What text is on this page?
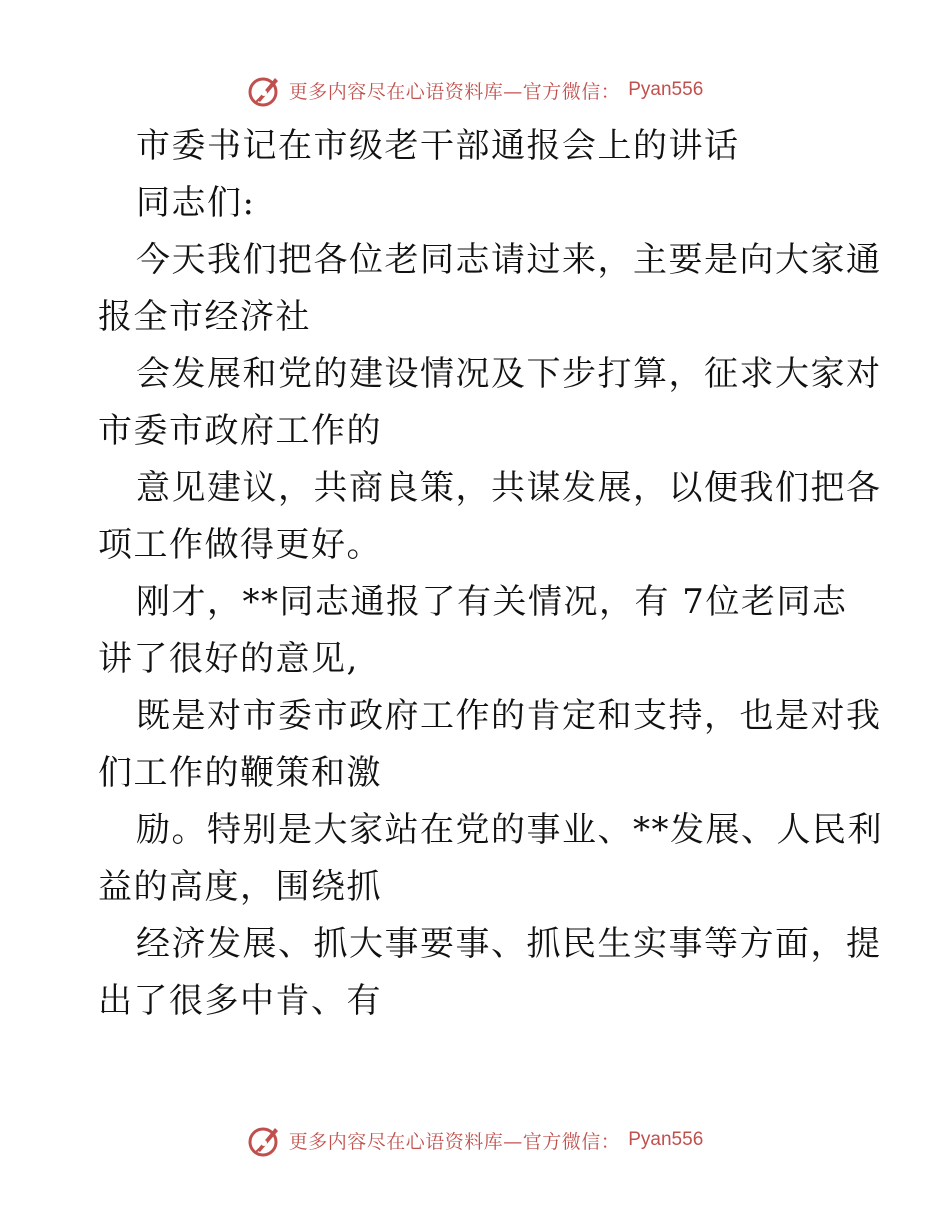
更多内容尽在心语资料库—官方微信： Pyan556
市委书记在市级老干部通报会上的讲话
同志们:
今天我们把各位老同志请过来，主要是向大家通
报全市经济社
会发展和党的建设情况及下步打算，征求大家对
市委市政府工作的
意见建议，共商良策，共谋发展，以便我们把各
项工作做得更好。
刚才，**同志通报了有关情况，有 7位老同志
讲了很好的意见,
既是对市委市政府工作的肯定和支持，也是对我
们工作的鞭策和激
励。特别是大家站在党的事业、**发展、人民利
益的高度，围绕抓
经济发展、抓大事要事、抓民生实事等方面，提
出了很多中肯、有
更多内容尽在心语资料库—官方微信： Pyan556
